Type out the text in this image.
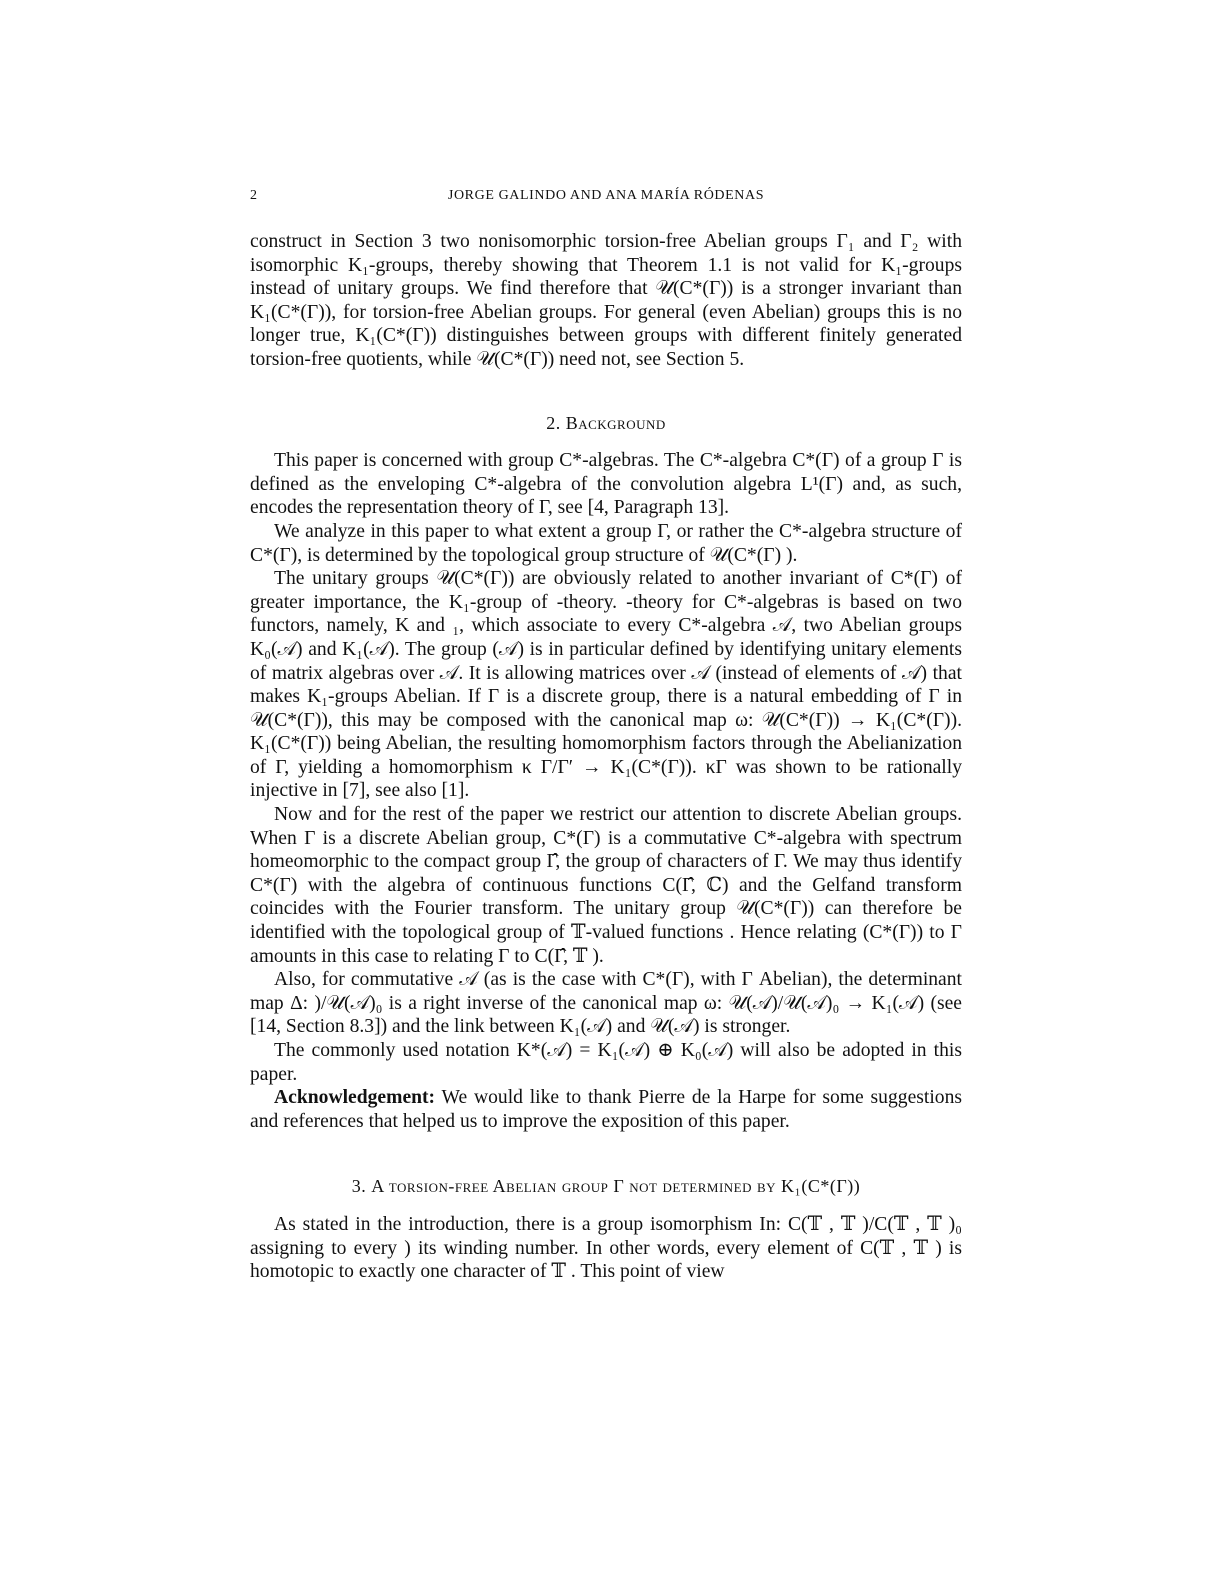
2	JORGE GALINDO AND ANA MARÍA RÓDENAS

construct in Section 3 two nonisomorphic torsion-free Abelian groups Γ₁ and Γ₂ with isomorphic K₁-groups, thereby showing that Theorem 1.1 is not valid for K₁-groups instead of unitary groups. We find therefore that 𝒰(C*(Γ)) is a stronger invariant than K₁(C*(Γ)), for torsion-free Abelian groups. For general (even Abelian) groups this is no longer true, K₁(C*(Γ)) distinguishes between groups with different finitely generated torsion-free quotients, while 𝒰(C*(Γ)) need not, see Section 5.

2. Background

This paper is concerned with group C*-algebras. The C*-algebra C*(Γ) of a group Γ is defined as the enveloping C*-algebra of the convolution algebra L¹(Γ) and, as such, encodes the representation theory of Γ, see [4, Paragraph 13].

We analyze in this paper to what extent a group Γ, or rather the C*-algebra structure of C*(Γ), is determined by the topological group structure of 𝒰(C*(Γ) ).

The unitary groups 𝒰(C*(Γ)) are obviously related to another invariant of C*(Γ) of greater importance, the K₁-group of -theory. -theory for C*-algebras is based on two functors, namely, K and ₁, which associate to every C*-algebra 𝒜, two Abelian groups K₀(𝒜) and K₁(𝒜). The group (𝒜) is in particular defined by identifying unitary elements of matrix algebras over 𝒜. It is allowing matrices over 𝒜 (instead of elements of 𝒜) that makes K₁-groups Abelian. If Γ is a discrete group, there is a natural embedding of Γ in 𝒰(C*(Γ)), this may be composed with the canonical map ω: 𝒰(C*(Γ)) → K₁(C*(Γ)). K₁(C*(Γ)) being Abelian, the resulting homomorphism factors through the Abelianization of Γ, yielding a homomorphism κ Γ/Γ′ → K₁(C*(Γ)). κΓ was shown to be rationally injective in [7], see also [1].

Now and for the rest of the paper we restrict our attention to discrete Abelian groups. When Γ is a discrete Abelian group, C*(Γ) is a commutative C*-algebra with spectrum homeomorphic to the compact group Γ̂, the group of characters of Γ. We may thus identify C*(Γ) with the algebra of continuous functions C(Γ̂, ℂ) and the Gelfand transform coincides with the Fourier transform. The unitary group 𝒰(C*(Γ)) can therefore be identified with the topological group of 𝕋-valued functions . Hence relating (C*(Γ)) to Γ amounts in this case to relating Γ to C(Γ̂, 𝕋 ).

Also, for commutative 𝒜 (as is the case with C*(Γ), with Γ Abelian), the determinant map Δ: )/𝒰(𝒜)₀ is a right inverse of the canonical map ω: 𝒰(𝒜)/𝒰(𝒜)₀ → K₁(𝒜) (see [14, Section 8.3]) and the link between K₁(𝒜) and 𝒰(𝒜) is stronger.

The commonly used notation K*(𝒜) = K₁(𝒜) ⊕ K₀(𝒜) will also be adopted in this paper.

Acknowledgement: We would like to thank Pierre de la Harpe for some suggestions and references that helped us to improve the exposition of this paper.

3. A torsion-free Abelian group Γ not determined by K₁(C*(Γ))

As stated in the introduction, there is a group isomorphism In: C(𝕋 , 𝕋 )/C(𝕋 , 𝕋 )₀ assigning to every ) its winding number. In other words, every element of C(𝕋 , 𝕋 ) is homotopic to exactly one character of 𝕋 . This point of view
